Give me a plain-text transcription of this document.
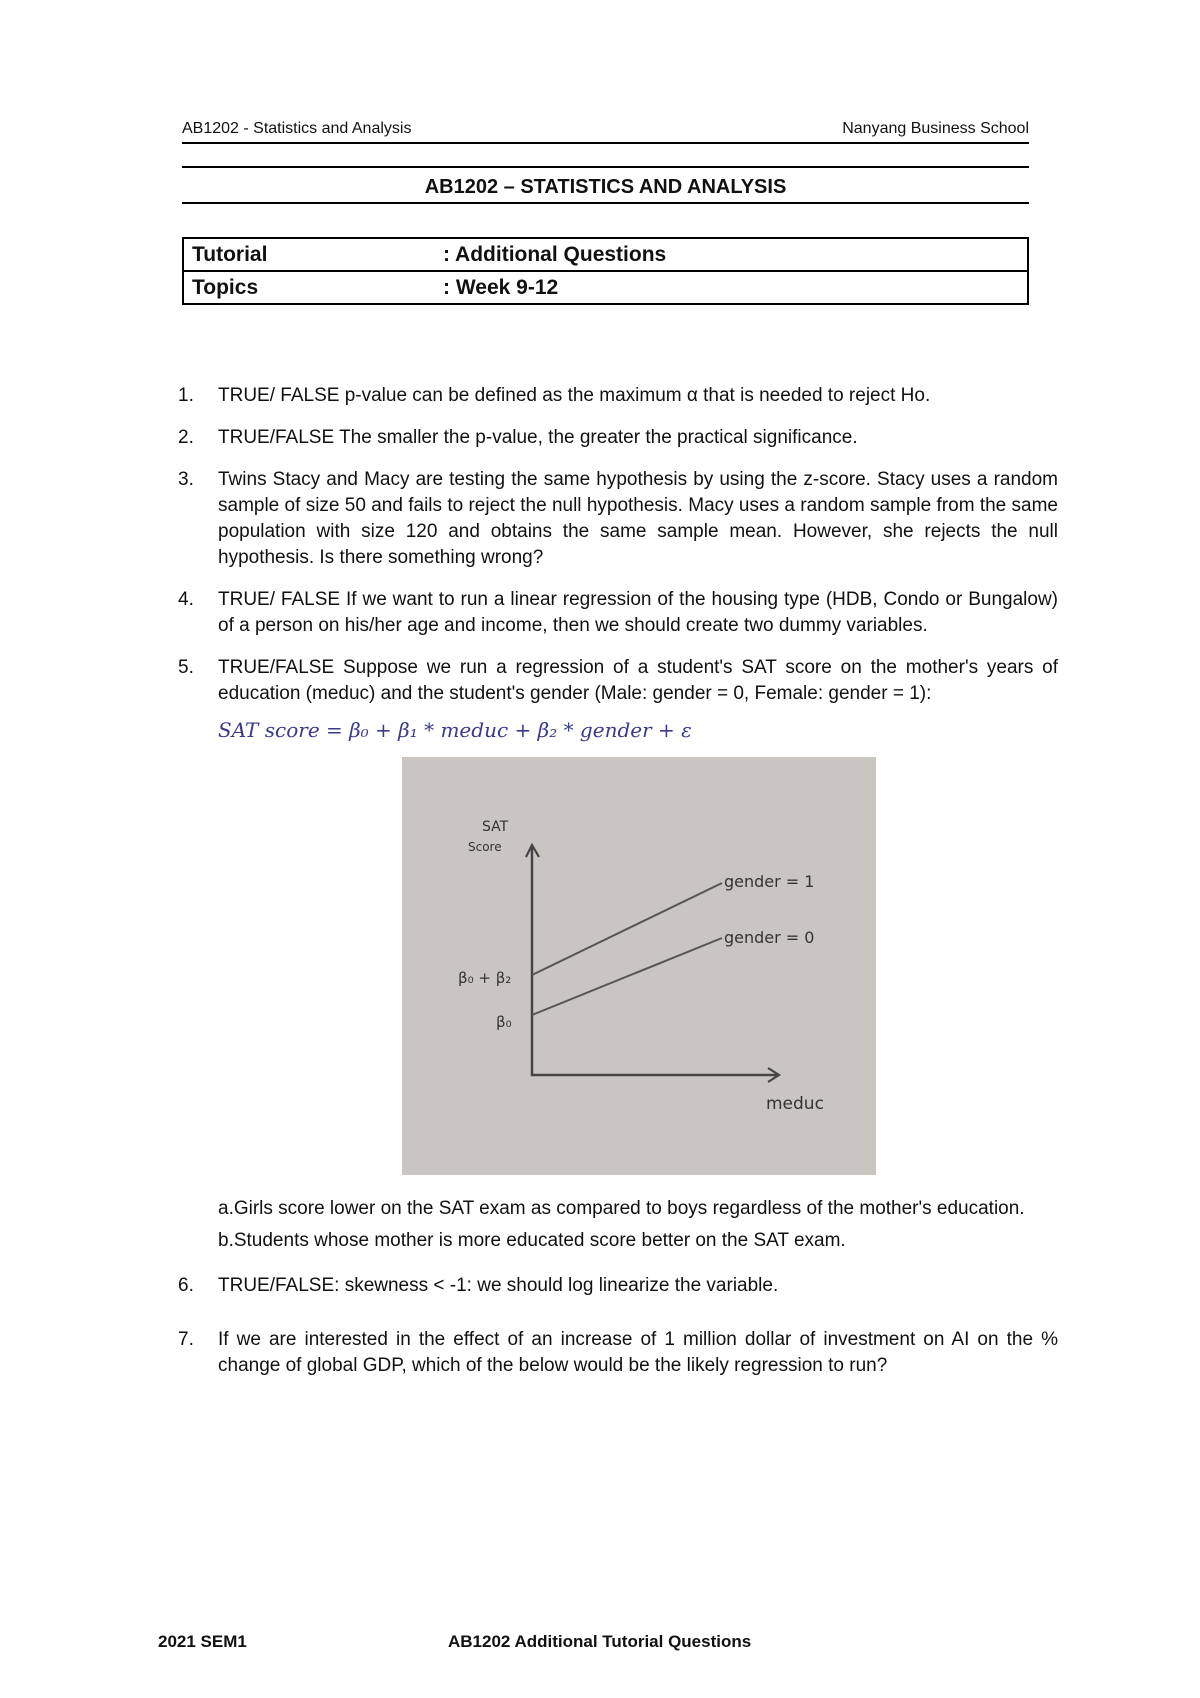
AB1202 - Statistics and Analysis	Nanyang Business School
AB1202 – STATISTICS AND ANALYSIS
Tutorial	: Additional Questions
Topics	: Week 9-12
1.	TRUE/ FALSE p-value can be defined as the maximum α that is needed to reject Ho.
2.	TRUE/FALSE The smaller the p-value, the greater the practical significance.
3.	Twins Stacy and Macy are testing the same hypothesis by using the z-score. Stacy uses a random sample of size 50 and fails to reject the null hypothesis. Macy uses a random sample from the same population with size 120 and obtains the same sample mean. However, she rejects the null hypothesis. Is there something wrong?
4.	TRUE/ FALSE If we want to run a linear regression of the housing type (HDB, Condo or Bungalow) of a person on his/her age and income, then we should create two dummy variables.
5.	TRUE/FALSE Suppose we run a regression of a student's SAT score on the mother's years of education (meduc) and the student's gender (Male: gender = 0, Female: gender = 1):
SAT score = β₀ + β₁ * meduc + β₂ * gender + ε
SAT
Score
gender = 1
gender = 0
β₀ + β₂
β₀
meduc
a.Girls score lower on the SAT exam as compared to boys regardless of the mother's education.
b.Students whose mother is more educated score better on the SAT exam.
6.	TRUE/FALSE: skewness < -1: we should log linearize the variable.
7.	If we are interested in the effect of an increase of 1 million dollar of investment on AI on the % change of global GDP, which of the below would be the likely regression to run?
2021 SEM1	AB1202 Additional Tutorial Questions
